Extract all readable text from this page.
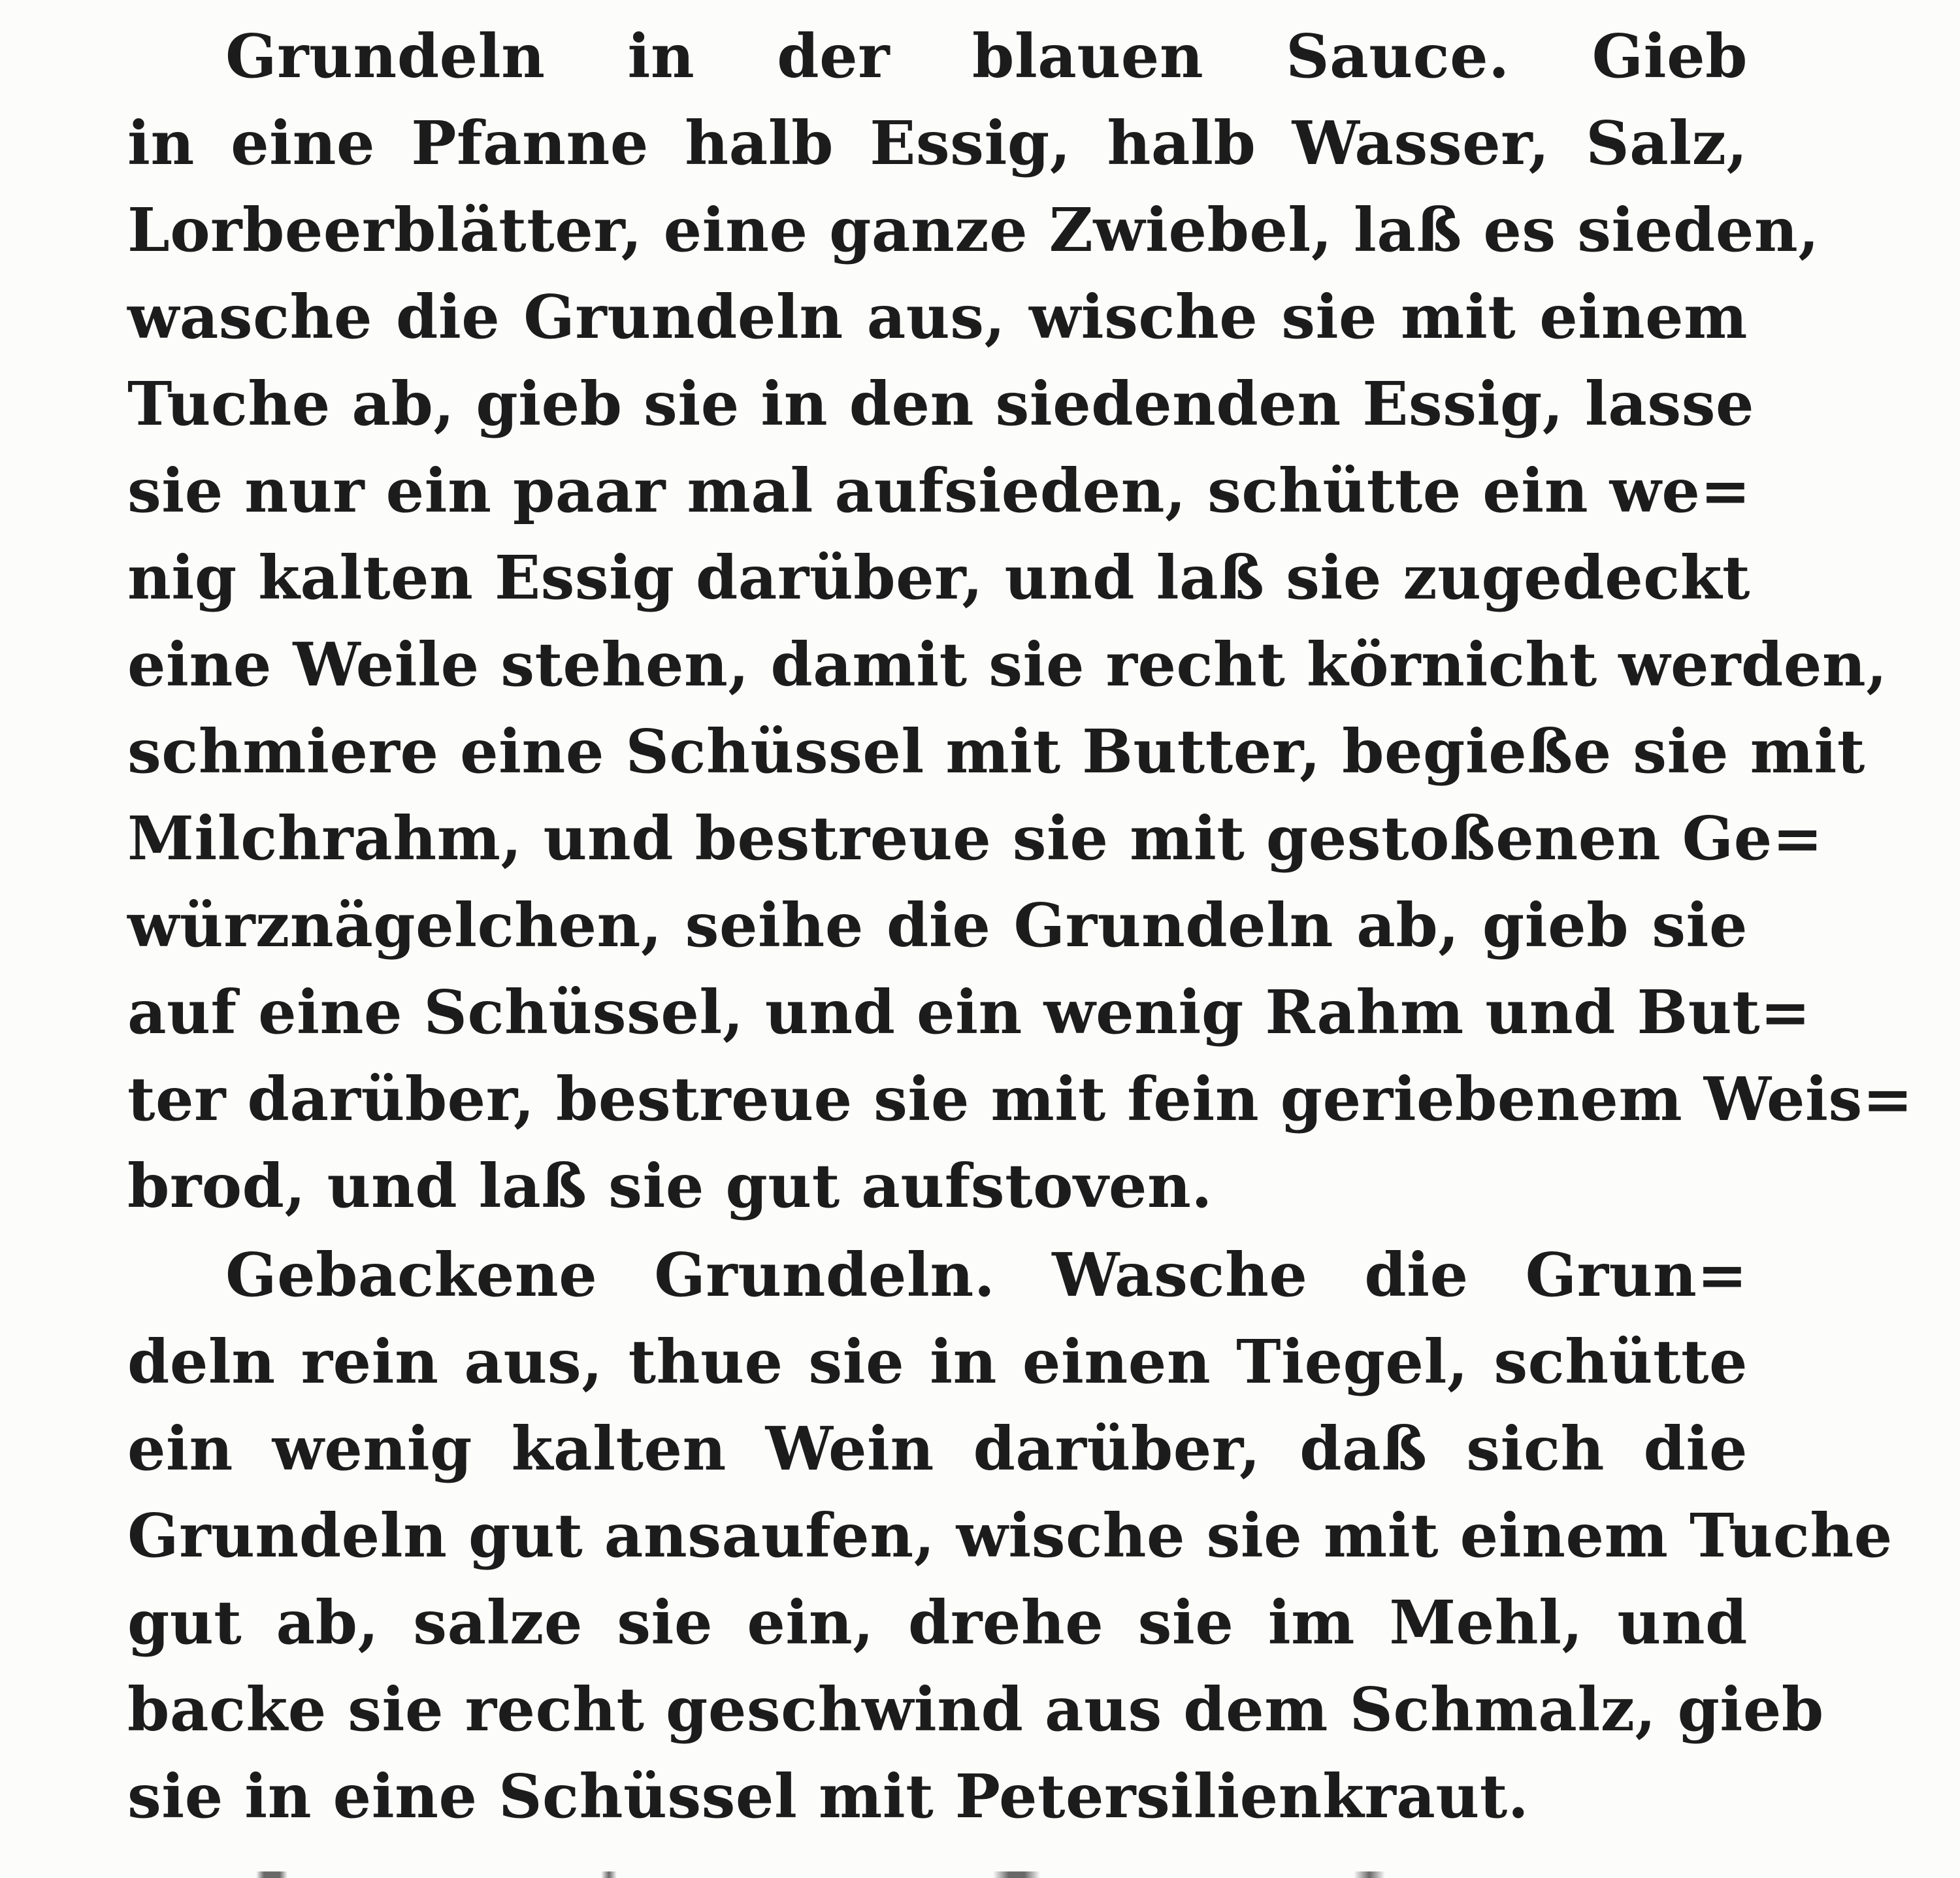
Grundeln in der blauen Sauce. Gieb
in eine Pfanne halb Essig, halb Wasser, Salz,
Lorbeerblätter, eine ganze Zwiebel, laß es sieden,
wasche die Grundeln aus, wische sie mit einem
Tuche ab, gieb sie in den siedenden Essig, lasse
sie nur ein paar mal aufsieden, schütte ein we=
nig kalten Essig darüber, und laß sie zugedeckt
eine Weile stehen, damit sie recht körnicht werden,
schmiere eine Schüssel mit Butter, begieße sie mit
Milchrahm, und bestreue sie mit gestoßenen Ge=
würznägelchen, seihe die Grundeln ab, gieb sie
auf eine Schüssel, und ein wenig Rahm und But=
ter darüber, bestreue sie mit fein geriebenem Weis=
brod, und laß sie gut aufstoven.
Gebackene Grundeln. Wasche die Grun=
deln rein aus, thue sie in einen Tiegel, schütte
ein wenig kalten Wein darüber, daß sich die
Grundeln gut ansaufen, wische sie mit einem Tuche
gut ab, salze sie ein, drehe sie im Mehl, und
backe sie recht geschwind aus dem Schmalz, gieb
sie in eine Schüssel mit Petersilienkraut.
